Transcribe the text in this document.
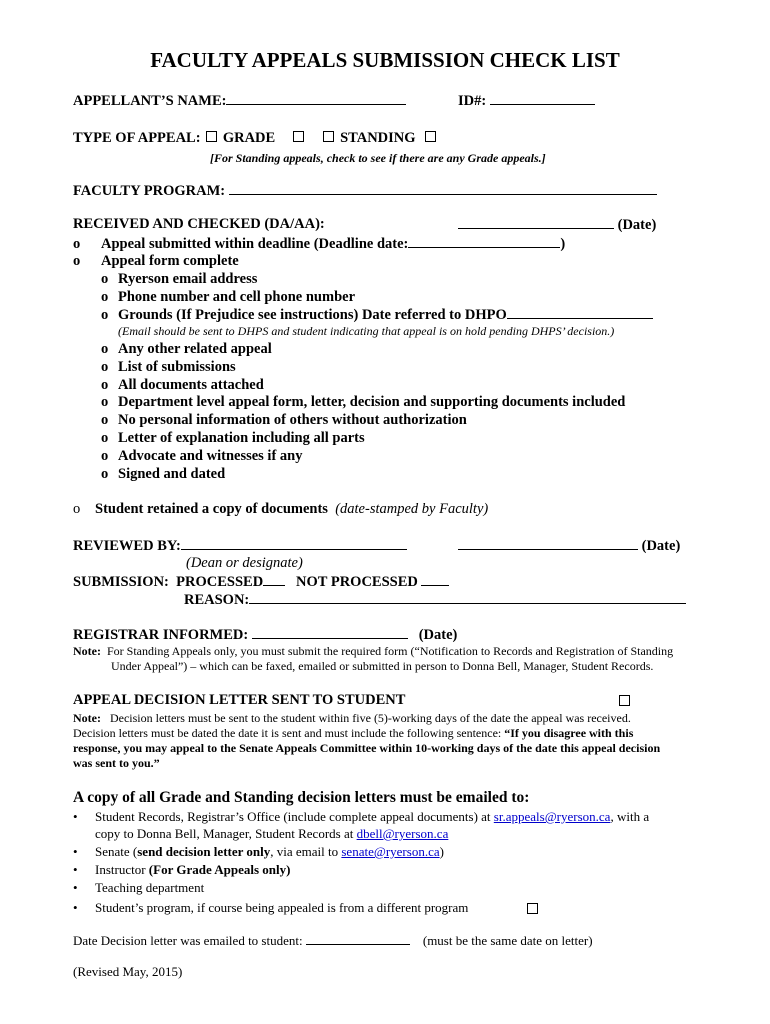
FACULTY APPEALS SUBMISSION CHECK LIST
APPELLANT’S NAME:	ID#:
TYPE OF APPEAL: GRADE	STANDING
[For Standing appeals, check to see if there are any Grade appeals.]
FACULTY PROGRAM:
RECEIVED AND CHECKED (DA/AA):	(Date)
o Appeal submitted within deadline (Deadline date:	)
o Appeal form complete
o Ryerson email address
o Phone number and cell phone number
o Grounds (If Prejudice see instructions) Date referred to DHPO
(Email should be sent to DHPS and student indicating that appeal is on hold pending DHPS’ decision.)
o Any other related appeal
o List of submissions
o All documents attached
o Department level appeal form, letter, decision and supporting documents included
o No personal information of others without authorization
o Letter of explanation including all parts
o Advocate and witnesses if any
o Signed and dated
o Student retained a copy of documents (date-stamped by Faculty)
REVIEWED BY:	(Date)
(Dean or designate)
SUBMISSION: PROCESSED NOT PROCESSED
REASON:
REGISTRAR INFORMED:	(Date)
Note: For Standing Appeals only, you must submit the required form (“Notification to Records and Registration of Standing
Under Appeal”) – which can be faxed, emailed or submitted in person to Donna Bell, Manager, Student Records.
APPEAL DECISION LETTER SENT TO STUDENT
Note: Decision letters must be sent to the student within five (5)-working days of the date the appeal was received.
Decision letters must be dated the date it is sent and must include the following sentence: “If you disagree with this
response, you may appeal to the Senate Appeals Committee within 10-working days of the date this appeal decision
was sent to you.”
A copy of all Grade and Standing decision letters must be emailed to:
• Student Records, Registrar’s Office (include complete appeal documents) at sr.appeals@ryerson.ca, with a
copy to Donna Bell, Manager, Student Records at dbell@ryerson.ca
• Senate (send decision letter only, via email to senate@ryerson.ca)
• Instructor (For Grade Appeals only)
• Teaching department
• Student’s program, if course being appealed is from a different program
Date Decision letter was emailed to student:	(must be the same date on letter)
(Revised May, 2015)
